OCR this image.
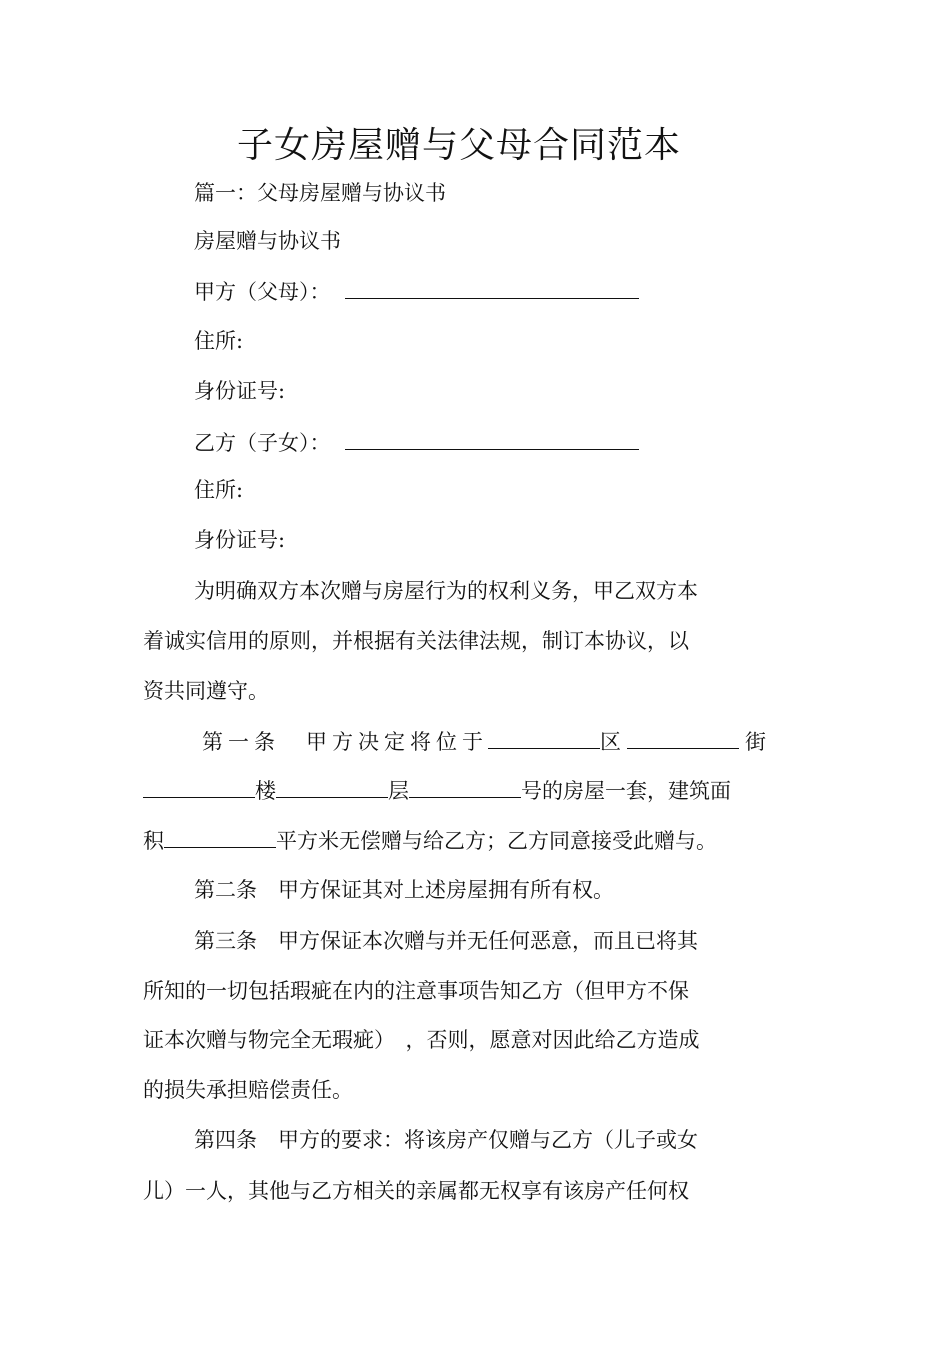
子女房屋赠与父母合同范本
篇一：父母房屋赠与协议书
房屋赠与协议书
甲方（父母）：
住所:
身份证号:
乙方（子女）：
住所:
身份证号:
为明确双方本次赠与房屋行为的权利义务，甲乙双方本
着诚实信用的原则，并根据有关法律法规，制订本协议，以
资共同遵守。
第一条　甲方决定将位于	区	街
楼	层	号的房屋一套，建筑面
积	平方米无偿赠与给乙方；乙方同意接受此赠与。
第二条　甲方保证其对上述房屋拥有所有权。
第三条　甲方保证本次赠与并无任何恶意，而且已将其
所知的一切包括瑕疵在内的注意事项告知乙方（但甲方不保
证本次赠与物完全无瑕疵）　，否则，愿意对因此给乙方造成
的损失承担赔偿责任。
第四条　甲方的要求：将该房产仅赠与乙方（儿子或女
儿）一人，其他与乙方相关的亲属都无权享有该房产任何权
